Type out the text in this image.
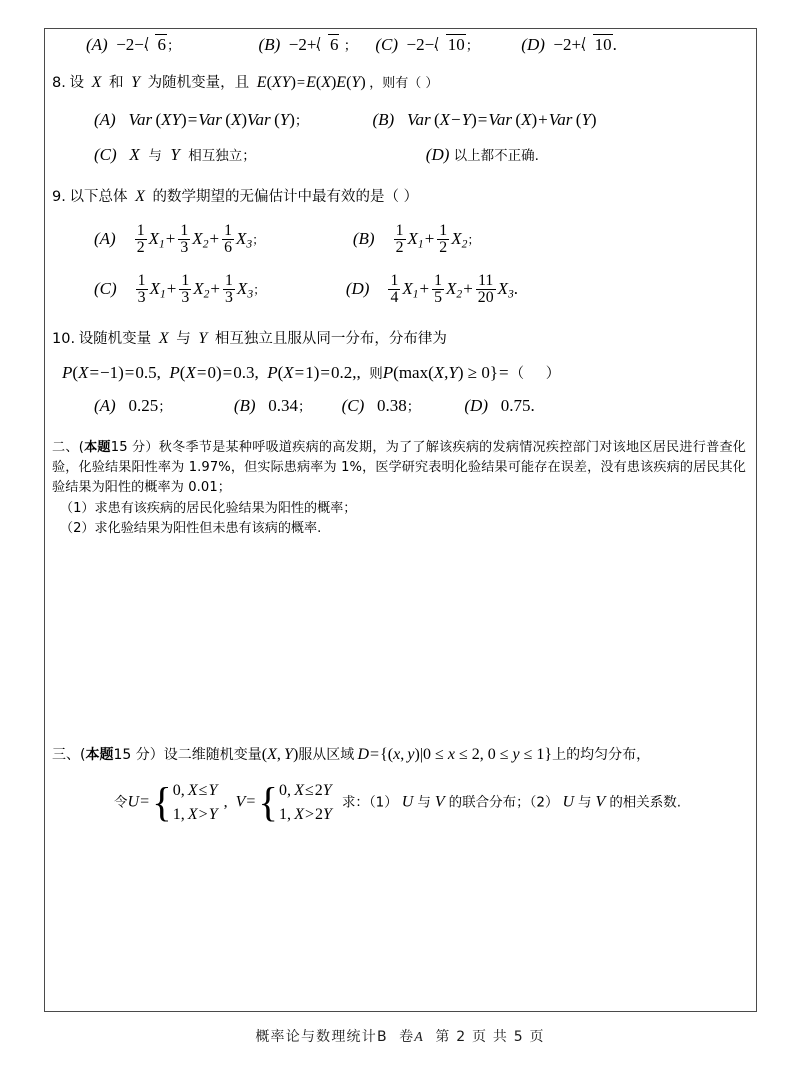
(A)  −2− 6；	(B)  −2+ 6 ； (C)  −2− 10； (D)  −2+ 10.
8. 设  X  和  Y  为随机变量，且  E(XY)=E(X)E(Y) ，则有（ ）
(A)   Var (XY)=Var (X)Var (Y)；	(B)   Var (X−Y)=Var (X)+Var (Y)
(C)   X  与  Y  相互独立；	(D) 以上都不正确.
9. 以下总体  X  的数学期望的无偏估计中最有效的是（ ）
$(A) \frac{1}{2} X_1+ \frac{1}{3} X_2+ \frac{1}{6} X_3$；	$(B) \frac{1}{2} X_1+ \frac{1}{2} X_2$；
$(C) \frac{1}{3} X_1+ \frac{1}{3} X_2+ \frac{1}{3} X_3$；	$(D) \frac{1}{4} X_1+ \frac{1}{5} X_2+ \frac{11}{20} X_3$.
10. 设随机变量  X  与  Y  相互独立且服从同一分布，分布律为
P(X=−1)=0.5,  P(X=0)=0.3,  P(X=1)=0.2,,  则P(max(X,Y) ≥ 0}=（      ）
(A)   0.25；	(B)   0.34； (C)   0.38；	(D)   0.75.
二、(本题15 分）秋冬季节是某种呼吸道疾病的高发期，为了了解该疾病的发病情况疾控部门对该地区居民进行普查化验，化验结果阳性率为 1.97%，但实际患病率为 1%，医学研究表明化验结果可能存在误差，没有患该疾病的居民其化验结果为阳性的概率为 0.01；
（1）求患有该疾病的居民化验结果为阳性的概率；
（2）求化验结果为阳性但未患有该病的概率.
三、(本题15 分）设二维随机变量(X, Y)服从区域 D={(x, y)|0 ≤ x ≤ 2, 0 ≤ y ≤ 1}上的均匀分布，
令U= { 0, X≤Y
1, X>Y
,  V= { 0, X≤2Y
1, X>2Y
求：（1） U 与 V 的联合分布；（2） U 与 V 的相关系数.
概率论与数理统计B 卷A 第 2 页 共 5 页
